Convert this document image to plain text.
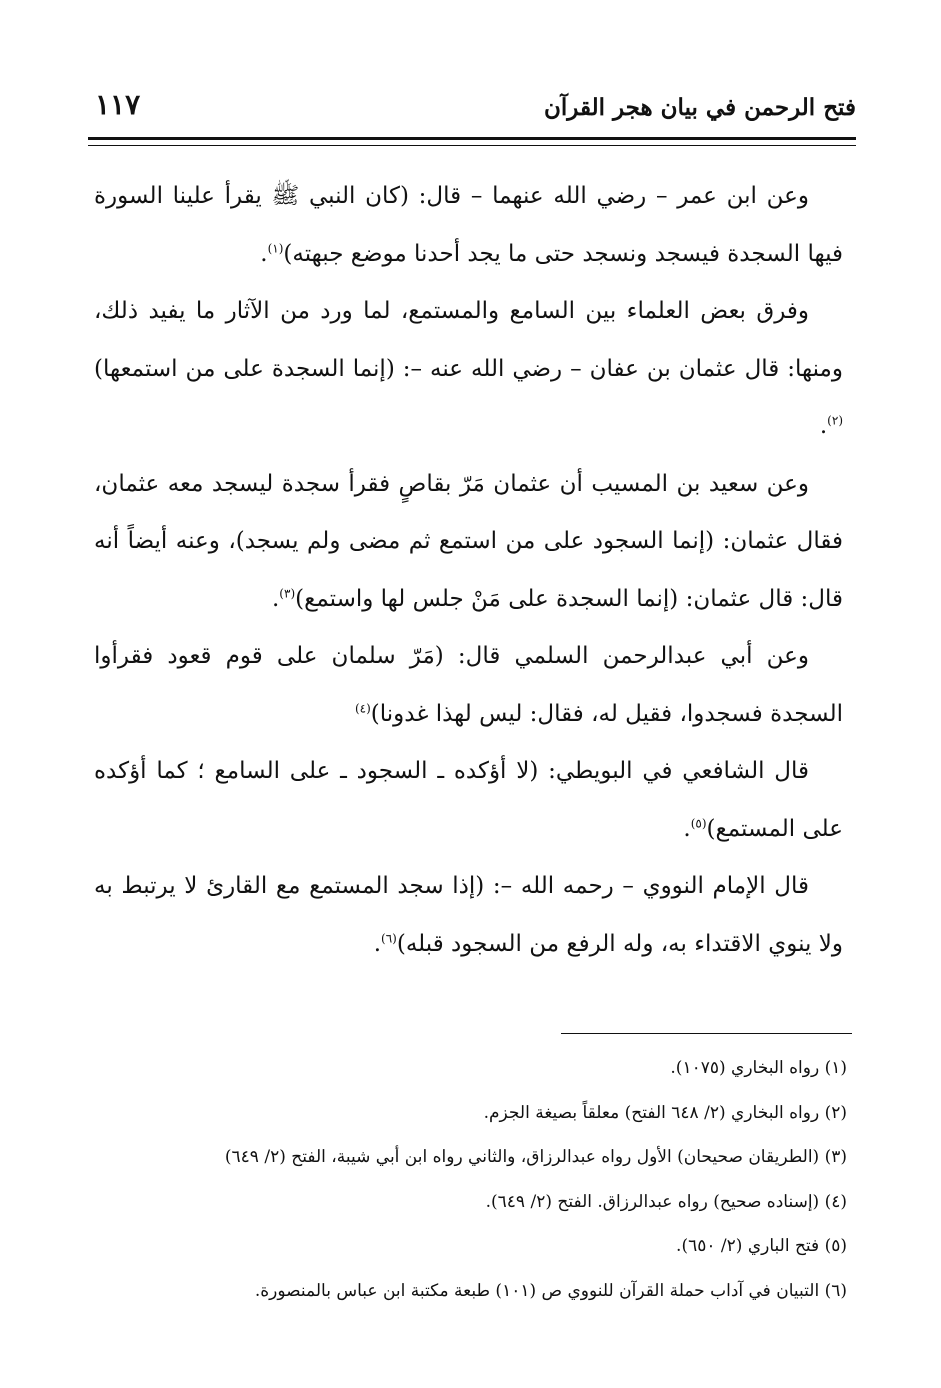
فتح الرحمن في بيان هجر القرآن
١١٧

وعن ابن عمر – رضي الله عنهما – قال: (كان النبي ﷺ يقرأ علينا السورة فيها السجدة فيسجد ونسجد حتى ما يجد أحدنا موضع جبهته)$^{(١)}$.

وفرق بعض العلماء بين السامع والمستمع، لما ورد من الآثار ما يفيد ذلك، ومنها: قال عثمان بن عفان – رضي الله عنه –: (إنما السجدة على من استمعها)$^{(٢)}$.

وعن سعيد بن المسيب أن عثمان مَرّ بقاصٍ فقرأ سجدة ليسجد معه عثمان، فقال عثمان: (إنما السجود على من استمع ثم مضى ولم يسجد)، وعنه أيضاً أنه قال: قال عثمان: (إنما السجدة على مَنْ جلس لها واستمع)$^{(٣)}$.

وعن أبي عبدالرحمن السلمي قال: (مَرّ سلمان على قوم قعود فقرأوا السجدة فسجدوا، فقيل له، فقال: ليس لهذا غدونا)$^{(٤)}$

قال الشافعي في البويطي: (لا أؤكده ـ السجود ـ على السامع ؛ كما أؤكده على المستمع)$^{(٥)}$.

قال الإمام النووي – رحمه الله –: (إذا سجد المستمع مع القارئ لا يرتبط به ولا ينوي الاقتداء به، وله الرفع من السجود قبله)$^{(٦)}$.

(١) رواه البخاري (١٠٧٥).
(٢) رواه البخاري (٢/ ٦٤٨ الفتح) معلقاً بصيغة الجزم.
(٣) (الطريقان صحيحان) الأول رواه عبدالرزاق، والثاني رواه ابن أبي شيبة، الفتح (٢/ ٦٤٩)
(٤) (إسناده صحيح) رواه عبدالرزاق. الفتح (٢/ ٦٤٩).
(٥) فتح الباري (٢/ ٦٥٠).
(٦) التبيان في آداب حملة القرآن للنووي ص (١٠١) طبعة مكتبة ابن عباس بالمنصورة.
